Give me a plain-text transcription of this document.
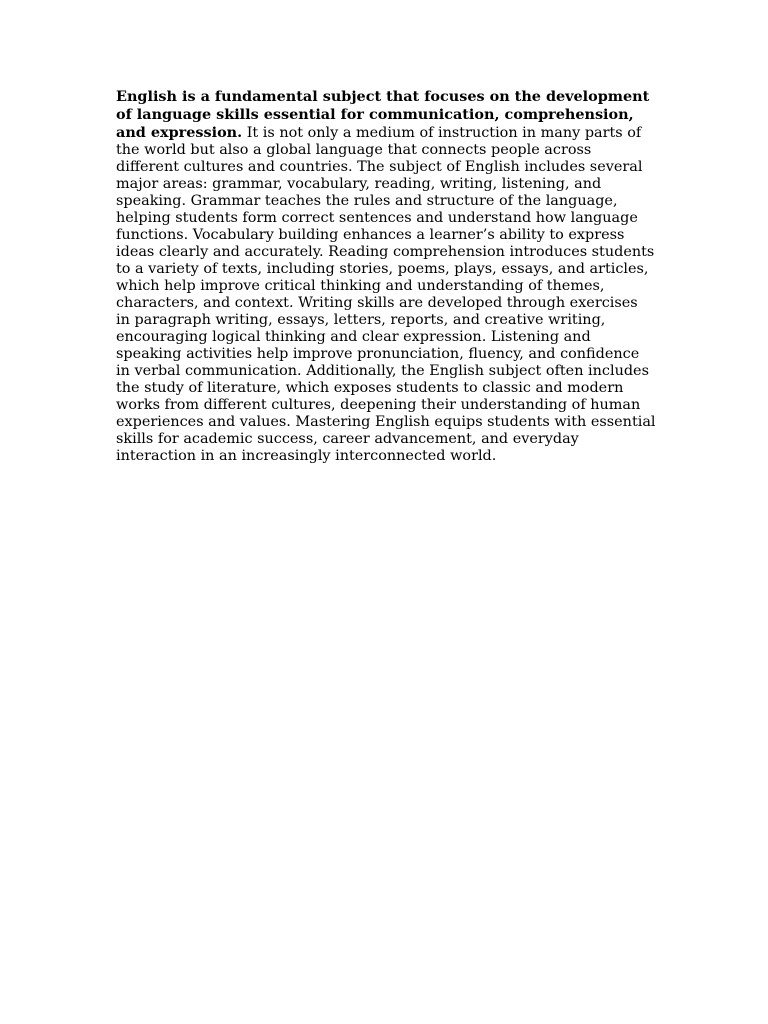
English is a fundamental subject that focuses on the development of language skills essential for communication, comprehension, and expression. It is not only a medium of instruction in many parts of the world but also a global language that connects people across different cultures and countries. The subject of English includes several major areas: grammar, vocabulary, reading, writing, listening, and speaking. Grammar teaches the rules and structure of the language, helping students form correct sentences and understand how language functions. Vocabulary building enhances a learner’s ability to express ideas clearly and accurately. Reading comprehension introduces students to a variety of texts, including stories, poems, plays, essays, and articles, which help improve critical thinking and understanding of themes, characters, and context. Writing skills are developed through exercises in paragraph writing, essays, letters, reports, and creative writing, encouraging logical thinking and clear expression. Listening and speaking activities help improve pronunciation, fluency, and confidence in verbal communication. Additionally, the English subject often includes the study of literature, which exposes students to classic and modern works from different cultures, deepening their understanding of human experiences and values. Mastering English equips students with essential skills for academic success, career advancement, and everyday interaction in an increasingly interconnected world.
